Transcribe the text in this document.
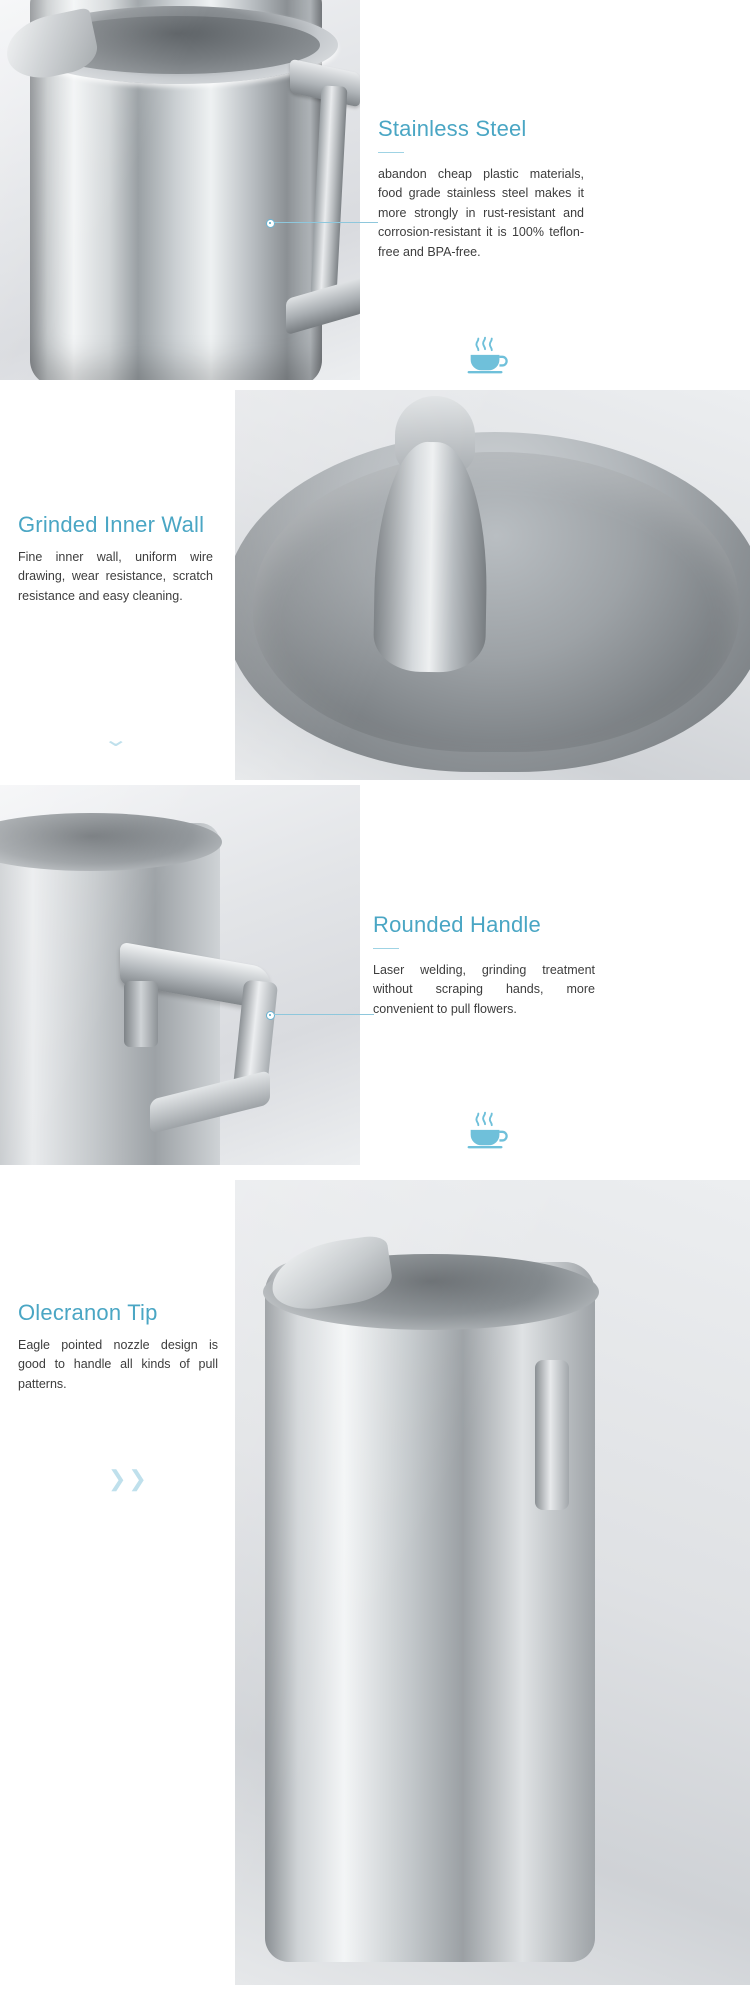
Stainless Steel

abandon cheap plastic materials, food grade stainless steel makes it more strongly in rust-resistant and corrosion-resistant it is 100% teflon-free and BPA-free.

Grinded Inner Wall

Fine inner wall, uniform wire drawing, wear resistance, scratch resistance and easy cleaning.

⌄
Rounded Handle

Laser welding, grinding treatment without scraping hands, more convenient to pull flowers.

Olecranon Tip

Eagle pointed nozzle design is good to handle all kinds of pull patterns.

❯❯
